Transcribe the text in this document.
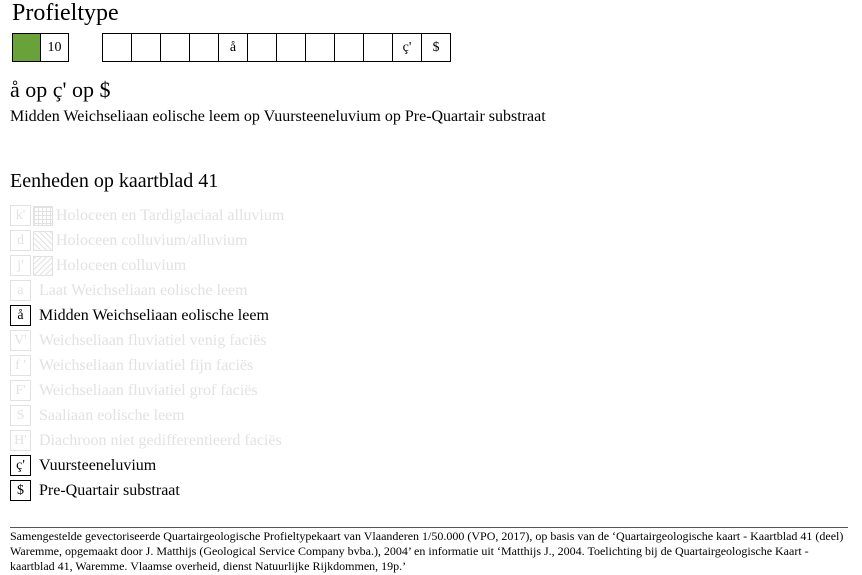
Profieltype
10	å	ç'	$
å op ç' op $
Midden Weichseliaan eolische leem op Vuursteeneluvium op Pre-Quartair substraat
Eenheden op kaartblad 41
k'	Holoceen en Tardiglaciaal alluvium
d	Holoceen colluvium/alluvium
j'	Holoceen colluvium
a Laat Weichseliaan eolische leem
å Midden Weichseliaan eolische leem
V' Weichseliaan fluviatiel venig faciës
f ' Weichseliaan fluviatiel fijn faciës
F' Weichseliaan fluviatiel grof faciës
S Saaliaan eolische leem
H' Diachroon niet gedifferentieerd faciës
ç' Vuursteeneluvium
$ Pre-Quartair substraat
Samengestelde gevectoriseerde Quartairgeologische Profieltypekaart van Vlaanderen 1/50.000 (VPO, 2017), op basis van de ‘Quartairgeologische kaart - Kaartblad 41 (deel) Waremme, opgemaakt door J. Matthijs (Geological Service Company bvba.), 2004’ en informatie uit ‘Matthijs J., 2004. Toelichting bij de Quartairgeologische Kaart - kaartblad 41, Waremme. Vlaamse overheid, dienst Natuurlijke Rijkdommen, 19p.’
